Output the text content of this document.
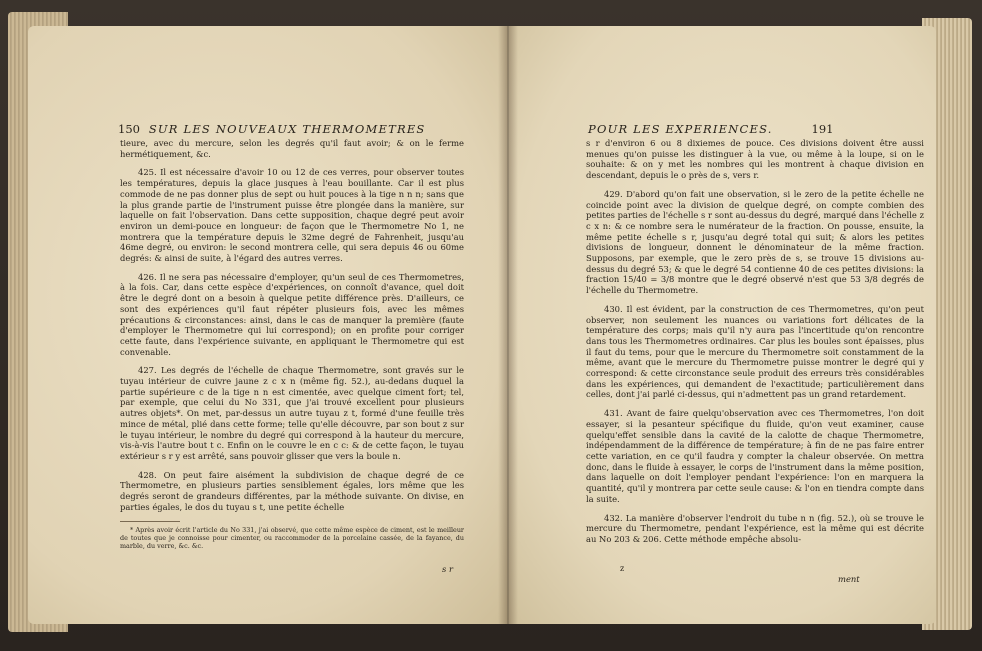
150 SUR LES NOUVEAUX THERMOMETRES

tieure, avec du mercure, selon les degrés qu'il faut avoir; & on le ferme hermétiquement, &c.

425. Il est nécessaire d'avoir 10 ou 12 de ces verres, pour observer toutes les températures, depuis la glace jusques à l'eau bouillante. Car il est plus commode de ne pas donner plus de sept ou huit pouces à la tige n n n; sans que la plus grande partie de l'instrument puisse être plongée dans la manière, sur laquelle on fait l'observation. Dans cette supposition, chaque degré peut avoir environ un demi-pouce en longueur: de façon que le Thermometre No 1, ne montrera que la température depuis le 32me degré de Fahrenheit, jusqu'au 46me degré, ou environ: le second montrera celle, qui sera depuis 46 ou 60me degrés: & ainsi de suite, à l'égard des autres verres.

426. Il ne sera pas nécessaire d'employer, qu'un seul de ces Thermometres, à la fois. Car, dans cette espèce d'expériences, on connoît d'avance, quel doit être le degré dont on a besoin à quelque petite différence près. D'ailleurs, ce sont des expériences qu'il faut répéter plusieurs fois, avec les mêmes précautions & circonstances: ainsi, dans le cas de manquer la première (faute d'employer le Thermometre qui lui correspond); on en profite pour corriger cette faute, dans l'expérience suivante, en appliquant le Thermometre qui est convenable.

427. Les degrés de l'échelle de chaque Thermometre, sont gravés sur le tuyau intérieur de cuivre jaune z c x n (même fig. 52.), au-dedans duquel la partie supérieure c de la tige n n est cimentée, avec quelque ciment fort; tel, par exemple, que celui du No 331, que j'ai trouvé excellent pour plusieurs autres objets*. On met, par-dessus un autre tuyau z t, formé d'une feuille très mince de métal, plié dans cette forme; telle qu'elle découvre, par son bout z sur le tuyau intérieur, le nombre du degré qui correspond à la hauteur du mercure, vis-à-vis l'autre bout t c. Enfin on le couvre le en c c: & de cette façon, le tuyau extérieur s r y est arrêté, sans pouvoir glisser que vers la boule n.

428. On peut faire aisément la subdivision de chaque degré de ce Thermometre, en plusieurs parties sensiblement égales, lors même que les degrés seront de grandeurs différentes, par la méthode suivante. On divise, en parties égales, le dos du tuyau s t, une petite échelle

* Après avoir écrit l'article du No 331, j'ai observé, que cette même espèce de ciment, est le meilleur de toutes que je connoisse pour cimenter, ou raccommoder de la porcelaine cassée, de la fayance, du marble, du verre, &c. &c.

s r
POUR LES EXPERIENCES.	191

s r d'environ 6 ou 8 dixiemes de pouce. Ces divisions doivent être aussi menues qu'on puisse les distinguer à la vue, ou même à la loupe, si on le souhaite: & on y met les nombres qui les montrent à chaque division en descendant, depuis le o près de s, vers r.

429. D'abord qu'on fait une observation, si le zero de la petite échelle ne coincide point avec la division de quelque degré, on compte combien des petites parties de l'échelle s r sont au-dessus du degré, marqué dans l'échelle z c x n: & ce nombre sera le numérateur de la fraction. On pousse, ensuite, la même petite échelle s r, jusqu'au degré total qui suit; & alors les petites divisions de longueur, donnent le dénominateur de la même fraction. Supposons, par exemple, que le zero près de s, se trouve 15 divisions au-dessus du degré 53; & que le degré 54 contienne 40 de ces petites divisions: la fraction 15/40 = 3/8 montre que le degré observé n'est que 53 3/8 degrés de l'échelle du Thermometre.

430. Il est évident, par la construction de ces Thermometres, qu'on peut observer, non seulement les nuances ou variations fort délicates de la température des corps; mais qu'il n'y aura pas l'incertitude qu'on rencontre dans tous les Thermometres ordinaires. Car plus les boules sont épaisses, plus il faut du tems, pour que le mercure du Thermometre soit constamment de la même, avant que le mercure du Thermometre puisse montrer le degré qui y correspond: & cette circonstance seule produit des erreurs très considérables dans les expériences, qui demandent de l'exactitude; particulièrement dans celles, dont j'ai parlé ci-dessus, qui n'admettent pas un grand retardement.

431. Avant de faire quelqu'observation avec ces Thermometres, l'on doit essayer, si la pesanteur spécifique du fluide, qu'on veut examiner, cause quelqu'effet sensible dans la cavité de la calotte de chaque Thermometre, indépendamment de la différence de température; à fin de ne pas faire entrer cette variation, en ce qu'il faudra y compter la chaleur observée. On mettra donc, dans le fluide à essayer, le corps de l'instrument dans la même position, dans laquelle on doit l'employer pendant l'expérience: l'on en marquera la quantité, qu'il y montrera par cette seule cause: & l'on en tiendra compte dans la suite.

432. La manière d'observer l'endroit du tube n n (fig. 52.), où se trouve le mercure du Thermometre, pendant l'expérience, est la même qui est décrite au No 203 & 206. Cette méthode empêche absolu-

z
ment
